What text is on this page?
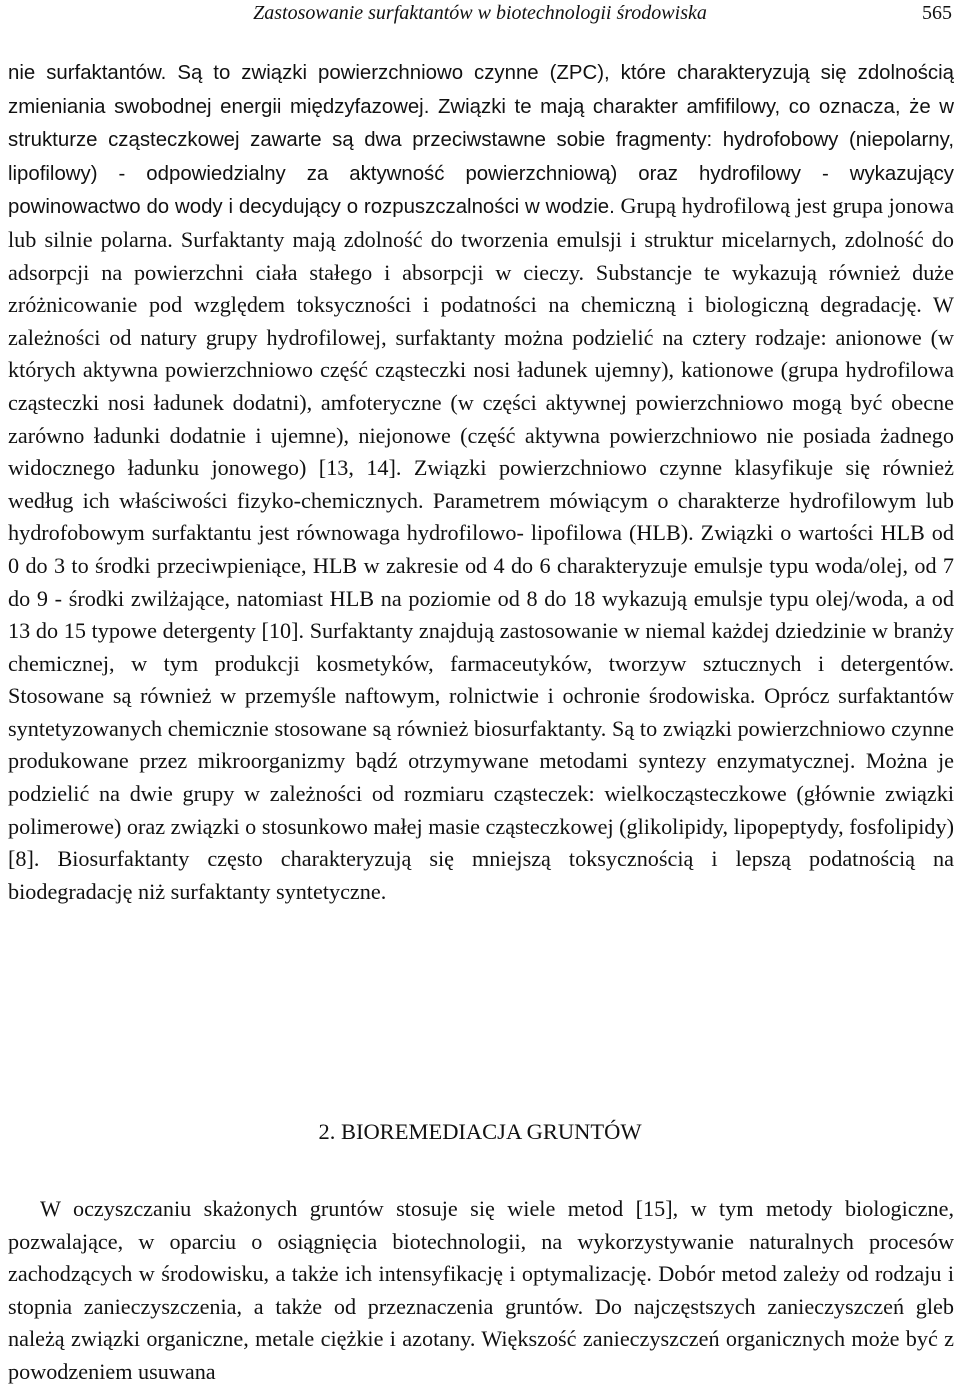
Zastosowanie surfaktantów w biotechnologii środowiska	565

nie surfaktantów. Są to związki powierzchniowo czynne (ZPC), które charakteryzują się zdolnością zmieniania swobodnej energii międzyfazowej. Związki te mają charakter amfifilowy, co oznacza, że w strukturze cząsteczkowej zawarte są dwa przeciwstawne sobie fragmenty: hydrofobowy (niepolarny, lipofilowy) - odpowiedzialny za aktywność powierzchniową) oraz hydrofilowy - wykazujący powinowactwo do wody i decydujący o rozpuszczalności w wodzie. Grupą hydrofilową jest grupa jonowa lub silnie polarna. Surfaktanty mają zdolność do tworzenia emulsji i struktur micelarnych, zdolność do adsorpcji na powierzchni ciała stałego i absorpcji w cieczy. Substancje te wykazują również duże zróżnicowanie pod względem toksyczności i podatności na chemiczną i biologiczną degradację. W zależności od natury grupy hydrofilowej, surfaktanty można podzielić na cztery rodzaje: anionowe (w których aktywna powierzchniowo część cząsteczki nosi ładunek ujemny), kationowe (grupa hydrofilowa cząsteczki nosi ładunek dodatni), amfoteryczne (w części aktywnej powierzchniowo mogą być obecne zarówno ładunki dodatnie i ujemne), niejonowe (część aktywna powierzchniowo nie posiada żadnego widocznego ładunku jonowego) [13, 14]. Związki powierzchniowo czynne klasyfikuje się również według ich właściwości fizyko-chemicznych. Parametrem mówiącym o charakterze hydrofilowym lub hydrofobowym surfaktantu jest równowaga hydrofilowo- lipofilowa (HLB). Związki o wartości HLB od 0 do 3 to środki przeciwpieniące, HLB w zakresie od 4 do 6 charakteryzuje emulsje typu woda/olej, od 7 do 9 - środki zwilżające, natomiast HLB na poziomie od 8 do 18 wykazują emulsje typu olej/woda, a od 13 do 15 typowe detergenty [10]. Surfaktanty znajdują zastosowanie w niemal każdej dziedzinie w branży chemicznej, w tym produkcji kosmetyków, farmaceutyków, tworzyw sztucznych i detergentów. Stosowane są również w przemyśle naftowym, rolnictwie i ochronie środowiska. Oprócz surfaktantów syntetyzowanych chemicznie stosowane są również biosurfaktanty. Są to związki powierzchniowo czynne produkowane przez mikroorganizmy bądź otrzymywane metodami syntezy enzymatycznej. Można je podzielić na dwie grupy w zależności od rozmiaru cząsteczek: wielkocząsteczkowe (głównie związki polimerowe) oraz związki o stosunkowo małej masie cząsteczkowej (glikolipidy, lipopeptydy, fosfolipidy) [8]. Biosurfaktanty często charakteryzują się mniejszą toksycznością i lepszą podatnością na biodegradację niż surfaktanty syntetyczne.

2. BIOREMEDIACJA GRUNTÓW

W oczyszczaniu skażonych gruntów stosuje się wiele metod [15], w tym metody biologiczne, pozwalające, w oparciu o osiągnięcia biotechnologii, na wykorzystywanie naturalnych procesów zachodzących w środowisku, a także ich intensyfikację i optymalizację. Dobór metod zależy od rodzaju i stopnia zanieczyszczenia, a także od przeznaczenia gruntów. Do najczęstszych zanieczyszczeń gleb należą związki organiczne, metale ciężkie i azotany. Większość zanieczyszczeń organicznych może być z powodzeniem usuwana
